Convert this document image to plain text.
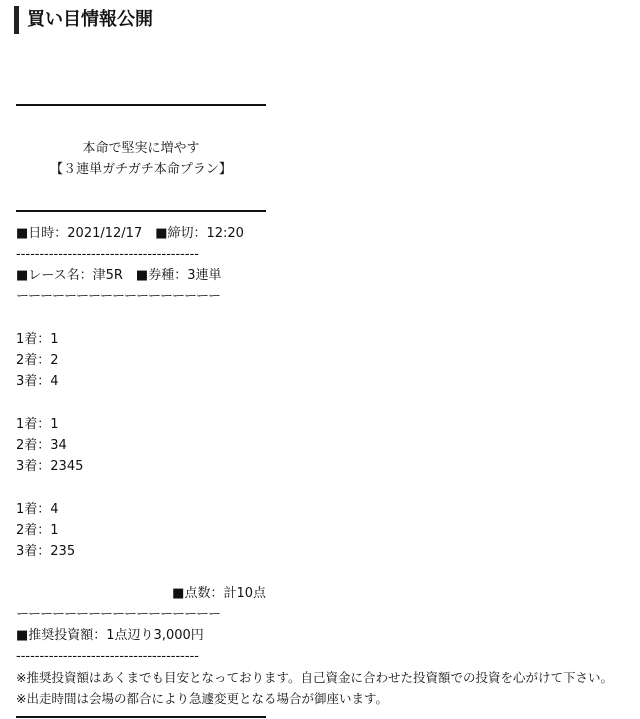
買い目情報公開
本命で堅実に増やす
【３連単ガチガチ本命プラン】
■日時：2021/12/17　■締切：12:20
---------------------------------------
■レース名：津5R　■券種：3連単
ーーーーーーーーーーーーーーーーー
1着：1
2着：2
3着：4
1着：1
2着：34
3着：2345
1着：4
2着：1
3着：235
■点数：計10点
ーーーーーーーーーーーーーーーーー
■推奨投資額：1点辺り3,000円
---------------------------------------
※推奨投資額はあくまでも目安となっております。自己資金に合わせた投資額での投資を心がけて下さい。
※出走時間は会場の都合により急遽変更となる場合が御座います。
